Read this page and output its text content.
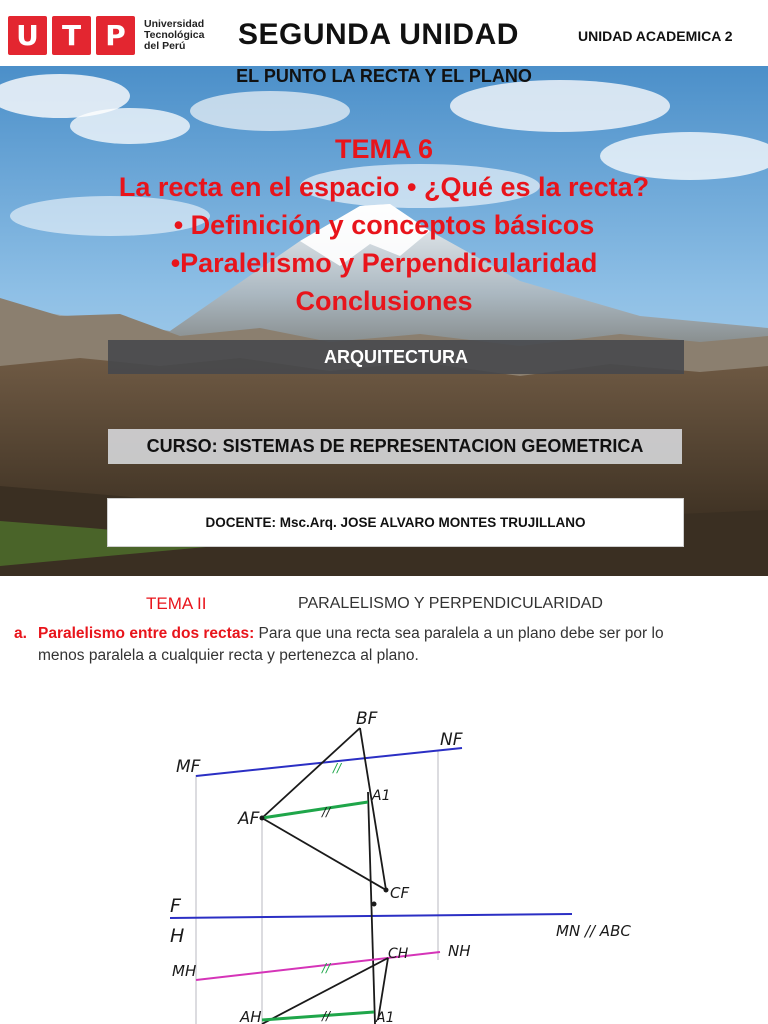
U T P	Universidad
Tecnológica
del Perú	SEGUNDA UNIDAD	UNIDAD ACADEMICA 2
EL PUNTO LA RECTA Y EL PLANO
TEMA 6
La recta en el espacio • ¿Qué es la recta?
• Definición y conceptos básicos
•Paralelismo y Perpendicularidad
Conclusiones
ARQUITECTURA
CURSO: SISTEMAS DE REPRESENTACION GEOMETRICA
DOCENTE: Msc.Arq. JOSE ALVARO MONTES TRUJILLANO
TEMA II	PARALELISMO Y PERPENDICULARIDAD
a. Paralelismo entre dos rectas: Para que una recta sea paralela a un plano debe ser por lo
menos paralela a cualquier recta y pertenezca al plano.
//
//
//
//
BF
NF
MF
A1
AF
CF
F
H	MN // ABC
MH
CH	NH
AH	A1
